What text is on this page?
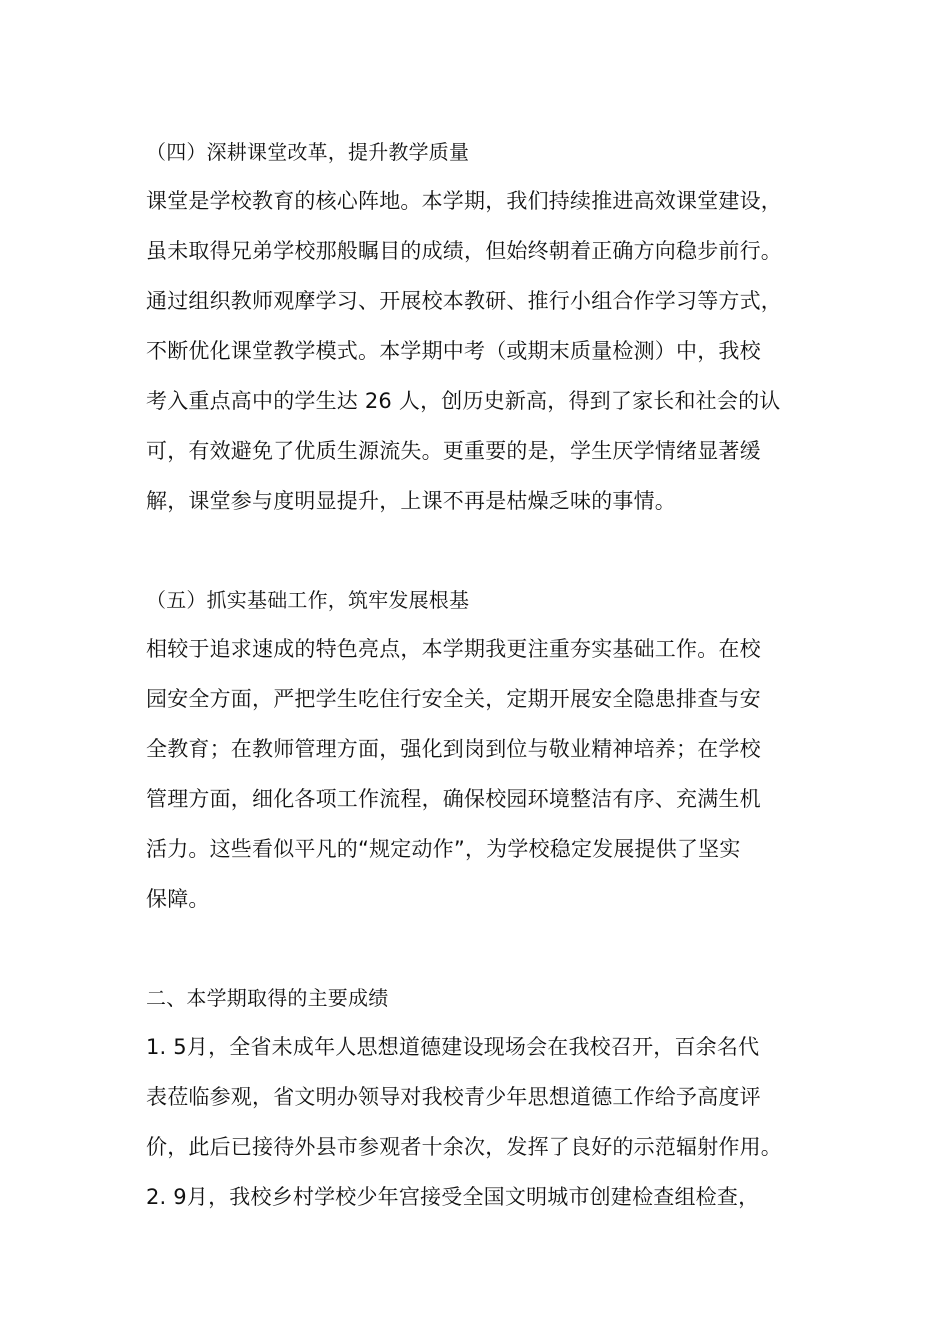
（四）深耕课堂改革，提升教学质量
课堂是学校教育的核心阵地。本学期，我们持续推进高效课堂建设，
虽未取得兄弟学校那般瞩目的成绩，但始终朝着正确方向稳步前行。
通过组织教师观摩学习、开展校本教研、推行小组合作学习等方式，
不断优化课堂教学模式。本学期中考（或期末质量检测）中，我校
考入重点高中的学生达 26 人，创历史新高，得到了家长和社会的认
可，有效避免了优质生源流失。更重要的是，学生厌学情绪显著缓
解，课堂参与度明显提升，上课不再是枯燥乏味的事情。
（五）抓实基础工作，筑牢发展根基
相较于追求速成的特色亮点，本学期我更注重夯实基础工作。在校
园安全方面，严把学生吃住行安全关，定期开展安全隐患排查与安
全教育；在教师管理方面，强化到岗到位与敬业精神培养；在学校
管理方面，细化各项工作流程，确保校园环境整洁有序、充满生机
活力。这些看似平凡的“规定动作”，为学校稳定发展提供了坚实
保障。
二、本学期取得的主要成绩
1. 5月，全省未成年人思想道德建设现场会在我校召开，百余名代
表莅临参观，省文明办领导对我校青少年思想道德工作给予高度评
价，此后已接待外县市参观者十余次，发挥了良好的示范辐射作用。
2. 9月，我校乡村学校少年宫接受全国文明城市创建检查组检查，
